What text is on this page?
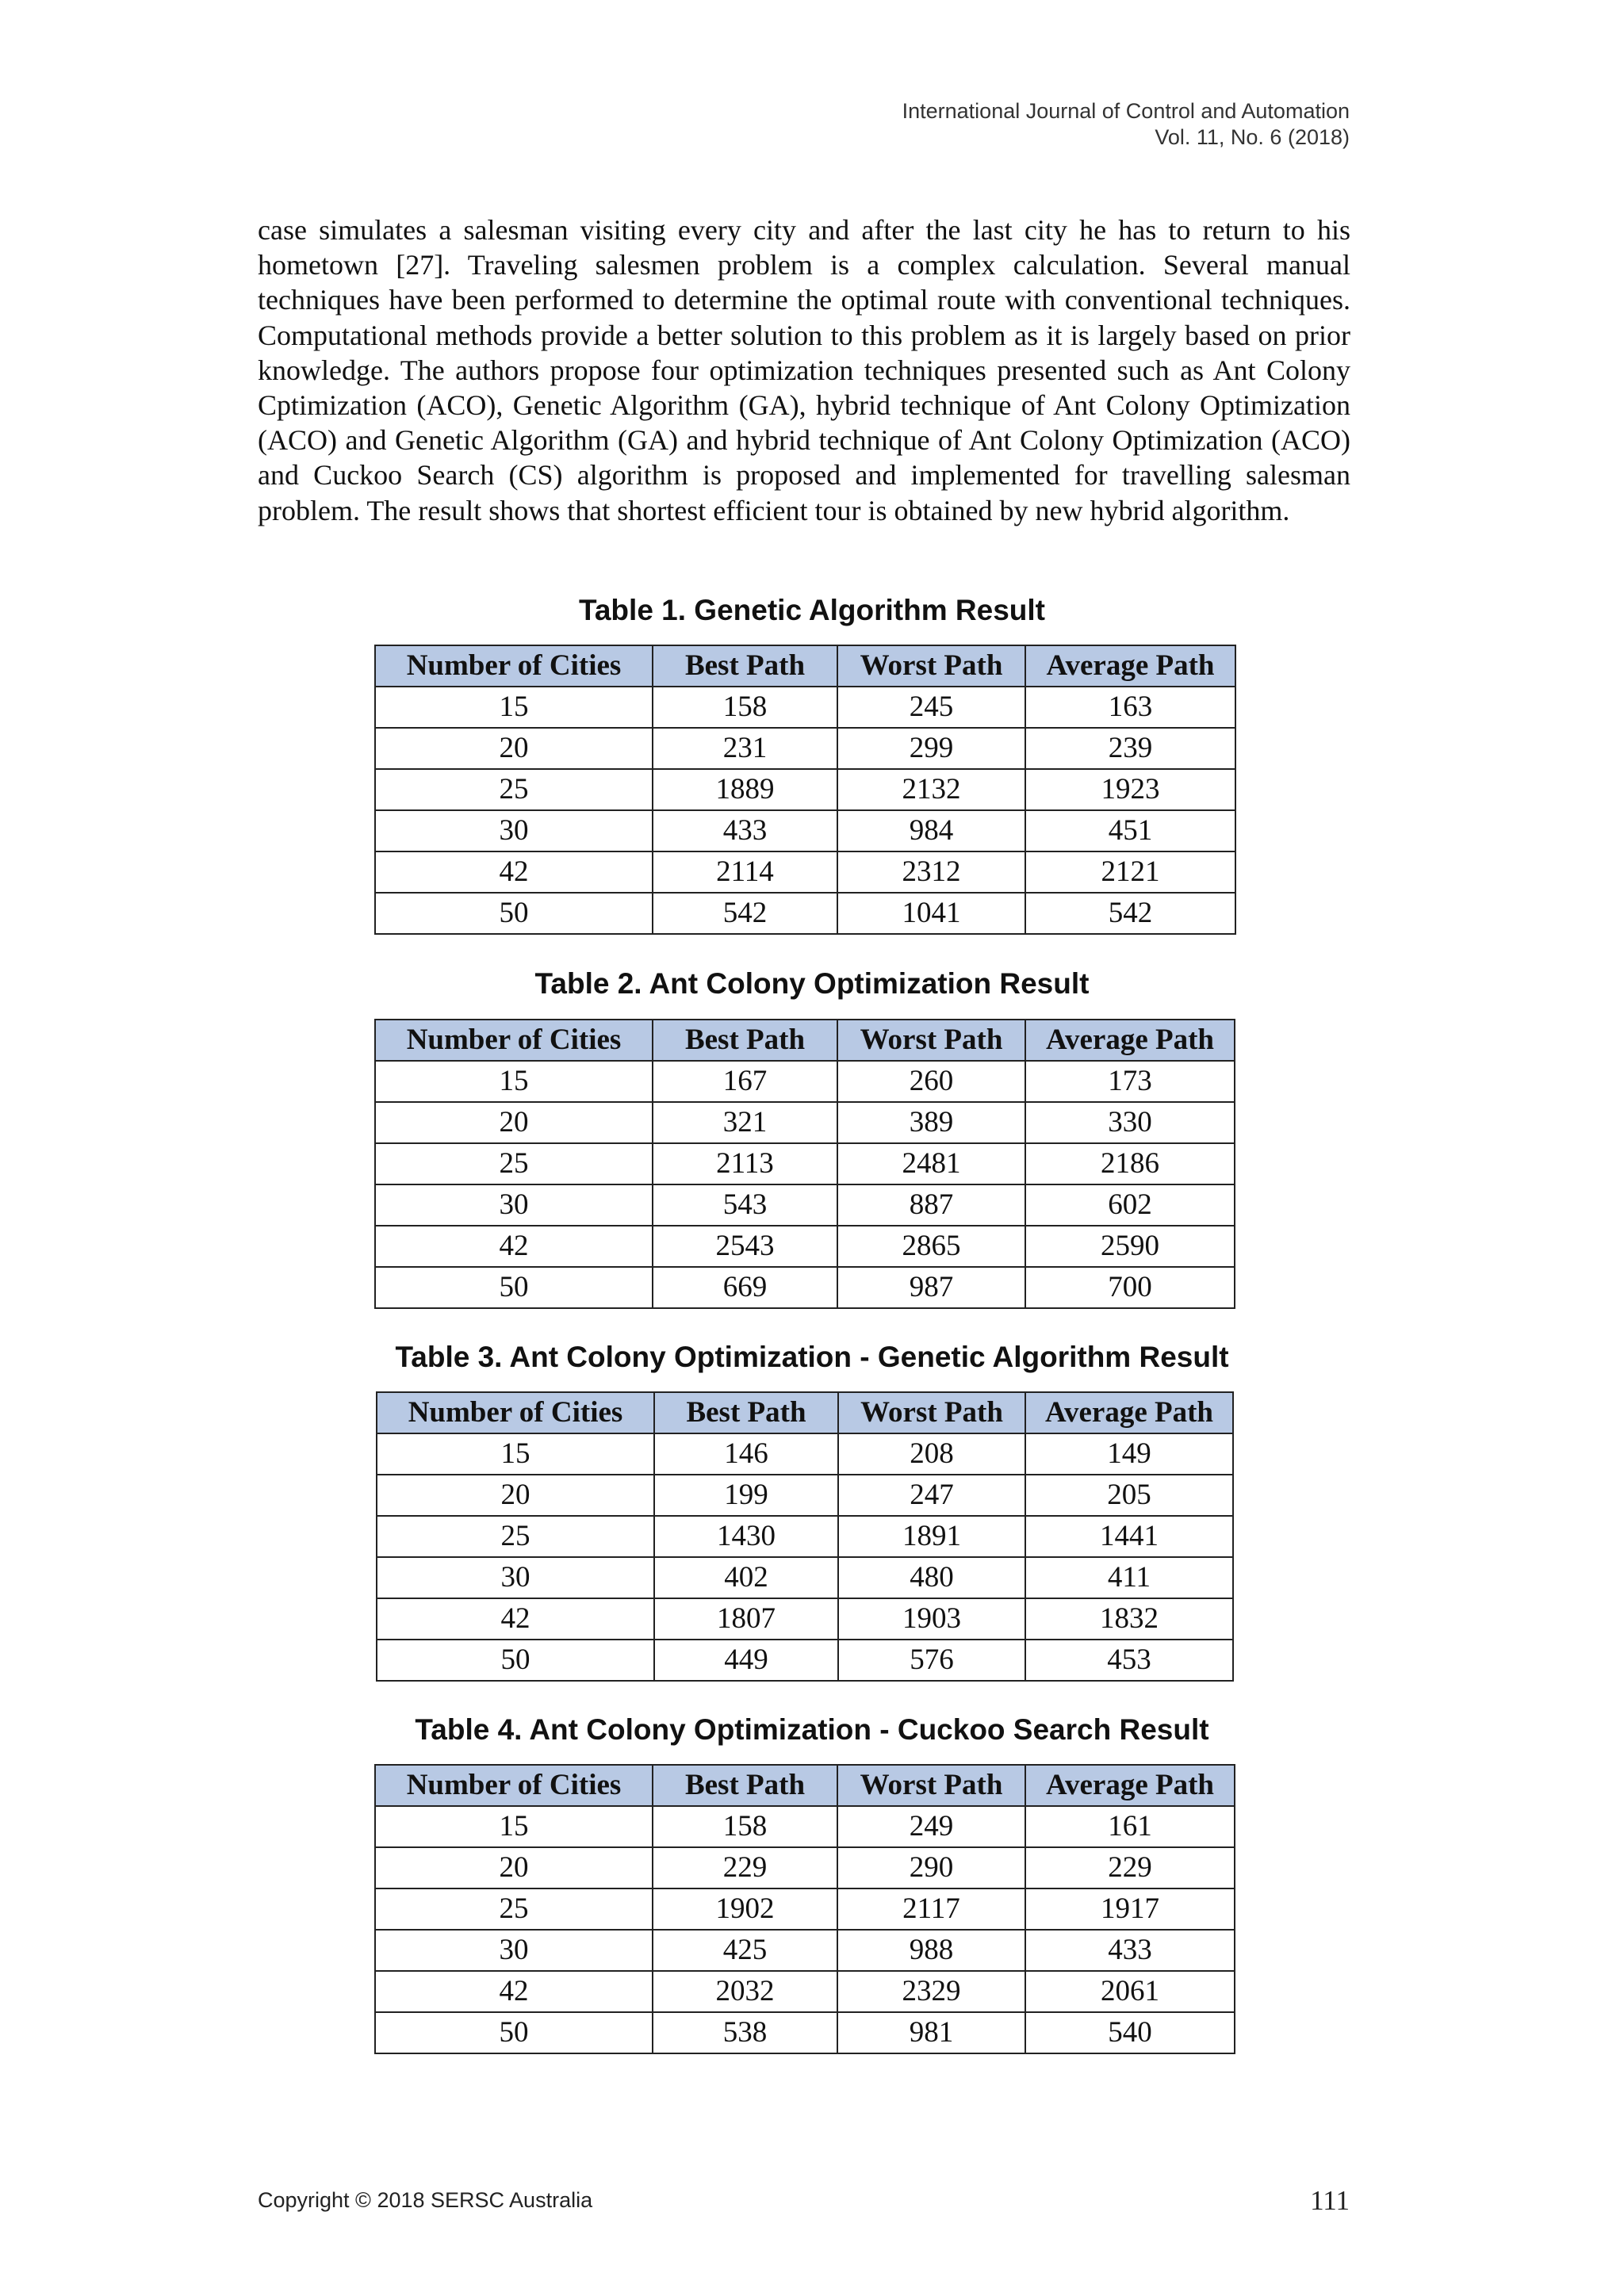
International Journal of Control and Automation
Vol. 11, No. 6 (2018)

case simulates a salesman visiting every city and after the last city he has to return to his hometown [27]. Traveling salesmen problem is a complex calculation. Several manual techniques have been performed to determine the optimal route with conventional techniques. Computational methods provide a better solution to this problem as it is largely based on prior knowledge. The authors propose four optimization techniques presented such as Ant Colony Cptimization (ACO), Genetic Algorithm (GA), hybrid technique of Ant Colony Optimization (ACO) and Genetic Algorithm (GA) and hybrid technique of Ant Colony Optimization (ACO) and Cuckoo Search (CS) algorithm is proposed and implemented for travelling salesman problem. The result shows that shortest efficient tour is obtained by new hybrid algorithm.

Table 1. Genetic Algorithm Result
Number of Cities	Best Path	Worst Path	Average Path
15	158	245	163
20	231	299	239
25	1889	2132	1923
30	433	984	451
42	2114	2312	2121
50	542	1041	542
Table 2. Ant Colony Optimization Result
Number of Cities	Best Path	Worst Path	Average Path
15	167	260	173
20	321	389	330
25	2113	2481	2186
30	543	887	602
42	2543	2865	2590
50	669	987	700
Table 3. Ant Colony Optimization - Genetic Algorithm Result
Number of Cities	Best Path	Worst Path	Average Path
15	146	208	149
20	199	247	205
25	1430	1891	1441
30	402	480	411
42	1807	1903	1832
50	449	576	453
Table 4. Ant Colony Optimization - Cuckoo Search Result
Number of Cities	Best Path	Worst Path	Average Path
15	158	249	161
20	229	290	229
25	1902	2117	1917
30	425	988	433
42	2032	2329	2061
50	538	981	540
Copyright © 2018 SERSC Australia	111
